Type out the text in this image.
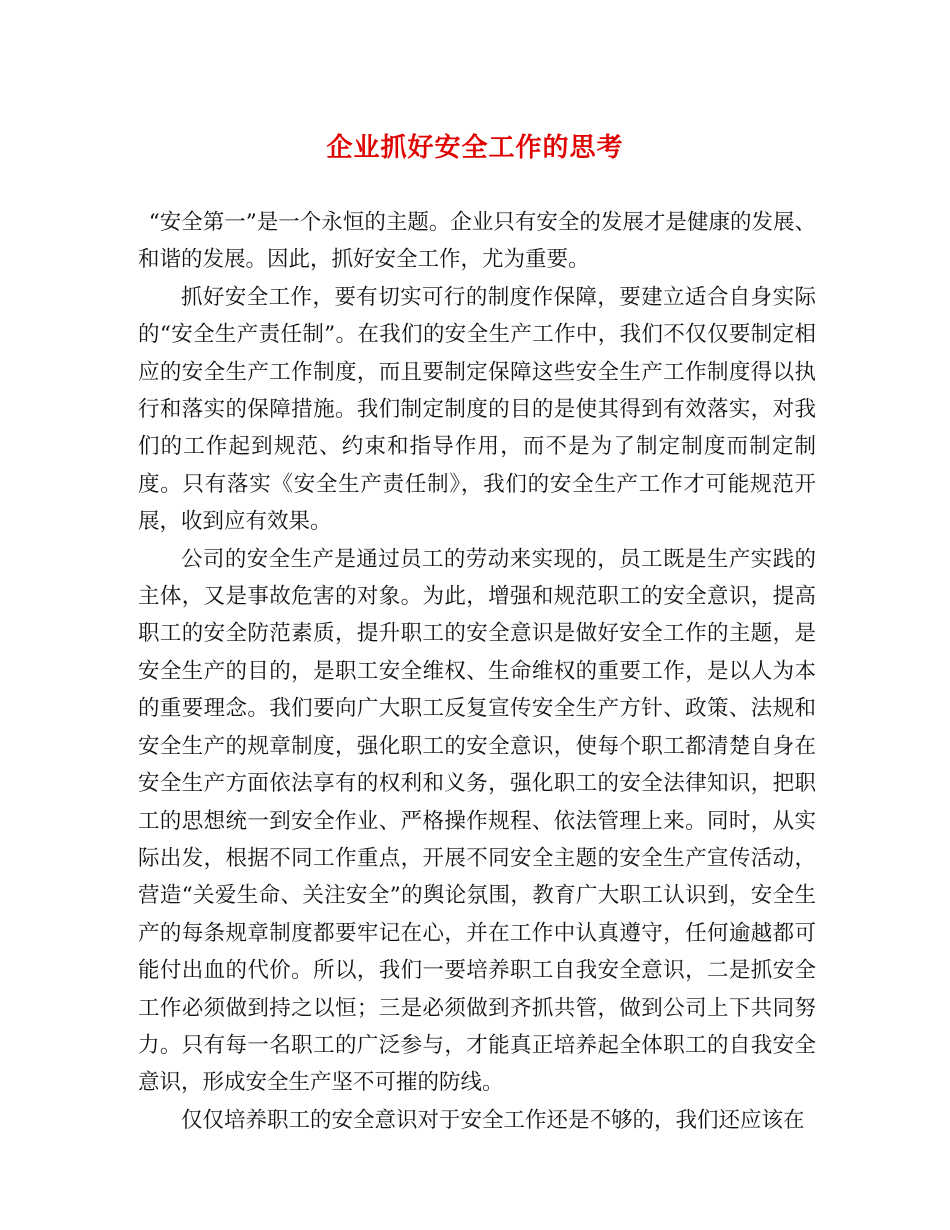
企业抓好安全工作的思考

“安全第一”是一个永恒的主题。企业只有安全的发展才是健康的发展、和谐的发展。因此，抓好安全工作，尤为重要。

抓好安全工作，要有切实可行的制度作保障，要建立适合自身实际的“安全生产责任制”。在我们的安全生产工作中，我们不仅仅要制定相应的安全生产工作制度，而且要制定保障这些安全生产工作制度得以执行和落实的保障措施。我们制定制度的目的是使其得到有效落实，对我们的工作起到规范、约束和指导作用，而不是为了制定制度而制定制度。只有落实《安全生产责任制》，我们的安全生产工作才可能规范开展，收到应有效果。

公司的安全生产是通过员工的劳动来实现的，员工既是生产实践的主体，又是事故危害的对象。为此，增强和规范职工的安全意识，提高职工的安全防范素质，提升职工的安全意识是做好安全工作的主题，是安全生产的目的，是职工安全维权、生命维权的重要工作，是以人为本的重要理念。我们要向广大职工反复宣传安全生产方针、政策、法规和安全生产的规章制度，强化职工的安全意识，使每个职工都清楚自身在安全生产方面依法享有的权利和义务，强化职工的安全法律知识，把职工的思想统一到安全作业、严格操作规程、依法管理上来。同时，从实际出发，根据不同工作重点，开展不同安全主题的安全生产宣传活动，营造“关爱生命、关注安全”的舆论氛围，教育广大职工认识到，安全生产的每条规章制度都要牢记在心，并在工作中认真遵守，任何逾越都可能付出血的代价。所以，我们一要培养职工自我安全意识，二是抓安全工作必须做到持之以恒；三是必须做到齐抓共管，做到公司上下共同努力。只有每一名职工的广泛参与，才能真正培养起全体职工的自我安全意识，形成安全生产坚不可摧的防线。

仅仅培养职工的安全意识对于安全工作还是不够的，我们还应该在
